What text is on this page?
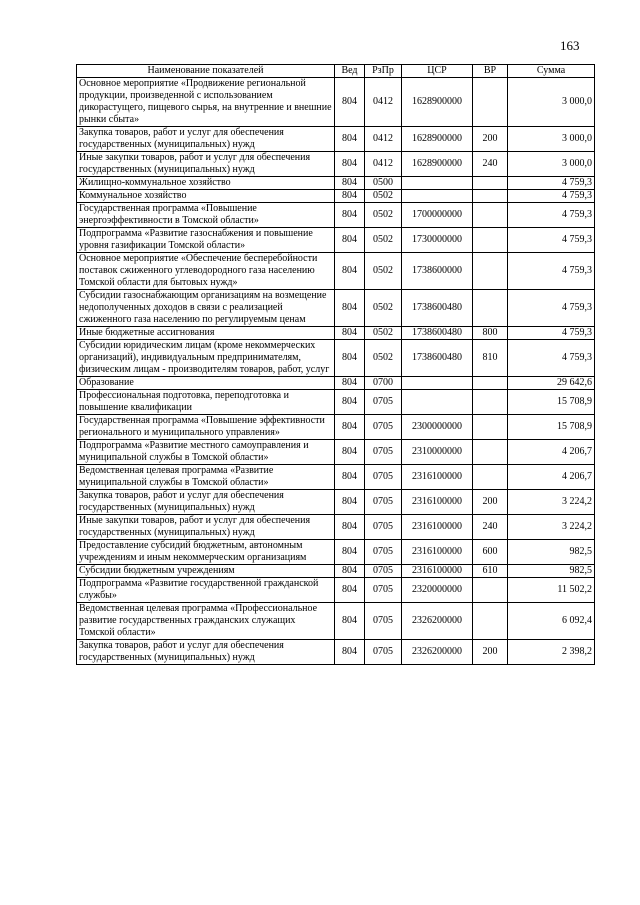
163
Наименование показателей	Вед	РзПр	ЦСР	ВР	Сумма
Основное мероприятие «Продвижение региональной продукции, произведенной с использованием дикорастущего, пищевого сырья, на внутренние и внешние рынки сбыта»	804	0412	1628900000		3 000,0
Закупка товаров, работ и услуг для обеспечения государственных (муниципальных) нужд	804	0412	1628900000	200	3 000,0
Иные закупки товаров, работ и услуг для обеспечения государственных (муниципальных) нужд	804	0412	1628900000	240	3 000,0
Жилищно-коммунальное хозяйство	804	0500			4 759,3
Коммунальное хозяйство	804	0502			4 759,3
Государственная программа «Повышение энергоэффективности в Томской области»	804	0502	1700000000		4 759,3
Подпрограмма «Развитие газоснабжения и повышение уровня газификации Томской области»	804	0502	1730000000		4 759,3
Основное мероприятие «Обеспечение бесперебойности поставок сжиженного углеводородного газа населению Томской области для бытовых нужд»	804	0502	1738600000		4 759,3
Субсидии газоснабжающим организациям на возмещение недополученных доходов в связи с реализацией сжиженного газа населению по регулируемым ценам	804	0502	1738600480		4 759,3
Иные бюджетные ассигнования	804	0502	1738600480	800	4 759,3
Субсидии юридическим лицам (кроме некоммерческих организаций), индивидуальным предпринимателям, физическим лицам - производителям товаров, работ, услуг	804	0502	1738600480	810	4 759,3
Образование	804	0700			29 642,6
Профессиональная подготовка, переподготовка и повышение квалификации	804	0705			15 708,9
Государственная программа «Повышение эффективности регионального и муниципального управления»	804	0705	2300000000		15 708,9
Подпрограмма «Развитие местного самоуправления и муниципальной службы в Томской области»	804	0705	2310000000		4 206,7
Ведомственная целевая программа «Развитие муниципальной службы в Томской области»	804	0705	2316100000		4 206,7
Закупка товаров, работ и услуг для обеспечения государственных (муниципальных) нужд	804	0705	2316100000	200	3 224,2
Иные закупки товаров, работ и услуг для обеспечения государственных (муниципальных) нужд	804	0705	2316100000	240	3 224,2
Предоставление субсидий бюджетным, автономным учреждениям и иным некоммерческим организациям	804	0705	2316100000	600	982,5
Субсидии бюджетным учреждениям	804	0705	2316100000	610	982,5
Подпрограмма «Развитие государственной гражданской службы»	804	0705	2320000000		11 502,2
Ведомственная целевая программа «Профессиональное развитие государственных гражданских служащих Томской области»	804	0705	2326200000		6 092,4
Закупка товаров, работ и услуг для обеспечения государственных (муниципальных) нужд	804	0705	2326200000	200	2 398,2
